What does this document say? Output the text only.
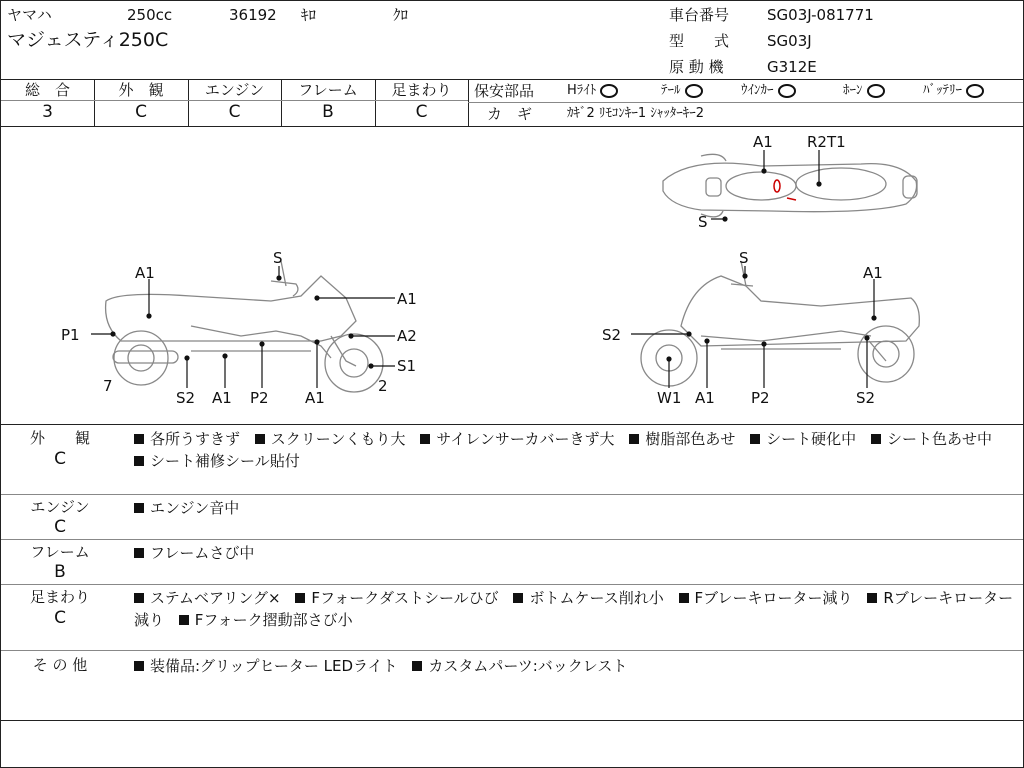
ヤマハ	250cc	36192 ｷﾛ	ｸﾛ
マジェスティ250C
車台番号	SG03J-081771
型　　式	SG03J
原 動 機	G312E
総　合	外　観	エンジン	フレーム	足まわり
3	C	C	B	C
保安部品	Hﾗｲﾄ	ﾃｰﾙ	ｳｲﾝｶｰ	ﾎｰﾝ	ﾊﾞｯﾃﾘｰ
カ　ギ	ｶｷﾞ2 ﾘﾓｺﾝｷｰ1 ｼｬｯﾀｰｷｰ2
A1 R2T1
S
A1
S
A1
P1	A2
S1
7	2
S2 A1 P2 A1
S
A1
S2
W1 A1 P2	S2
外　　観
C
各所うすきず スクリーンくもり大 サイレンサーカバーきず大 樹脂部色あせ シート硬化中 シート色あせ中 シート補修シール貼付
エンジン
C
エンジン音中
フレーム
B
フレームさび中
足まわり
C
ステムベアリング× Fフォークダストシールひび ボトムケース削れ小 Fブレーキローター減り Rブレーキローター減り Fフォーク摺動部さび小
そ の 他	装備品:グリップヒーター LEDライト カスタムパーツ:バックレスト
